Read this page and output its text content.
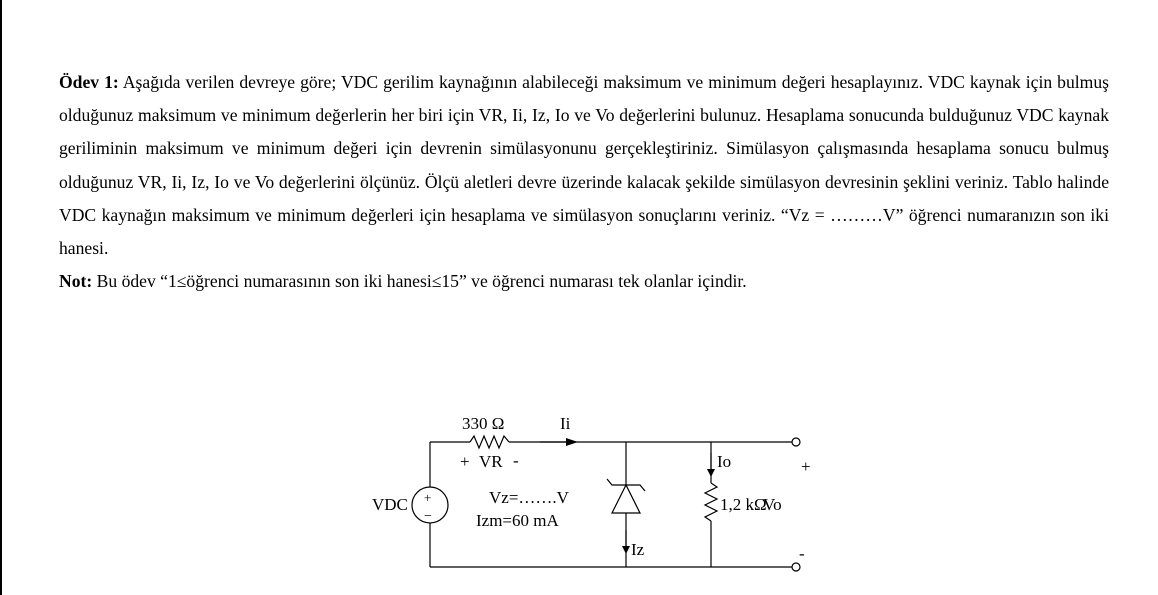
Ödev 1: Aşağıda verilen devreye göre; VDC gerilim kaynağının alabileceği maksimum ve minimum değeri hesaplayınız. VDC kaynak için bulmuş olduğunuz maksimum ve minimum değerlerin her biri için VR, Ii, Iz, Io ve Vo değerlerini bulunuz. Hesaplama sonucunda bulduğunuz VDC kaynak geriliminin maksimum ve minimum değeri için devrenin simülasyonunu gerçekleştiriniz. Simülasyon çalışmasında hesaplama sonucu bulmuş olduğunuz VR, Ii, Iz, Io ve Vo değerlerini ölçünüz. Ölçü aletleri devre üzerinde kalacak şekilde simülasyon devresinin şeklini veriniz. Tablo halinde VDC kaynağın maksimum ve minimum değerleri için hesaplama ve simülasyon sonuçlarını veriniz. “Vz = ………V” öğrenci numaranızın son iki hanesi.

Not: Bu ödev “1≤öğrenci numarasının son iki hanesi≤15” ve öğrenci numarası tek olanlar içindir.

330 Ω	Ii
+ VR -
VDC +
−
Vz=…….V
Izm=60 mA
Iz
Io
1,2 kΩ
Vo
+
-
